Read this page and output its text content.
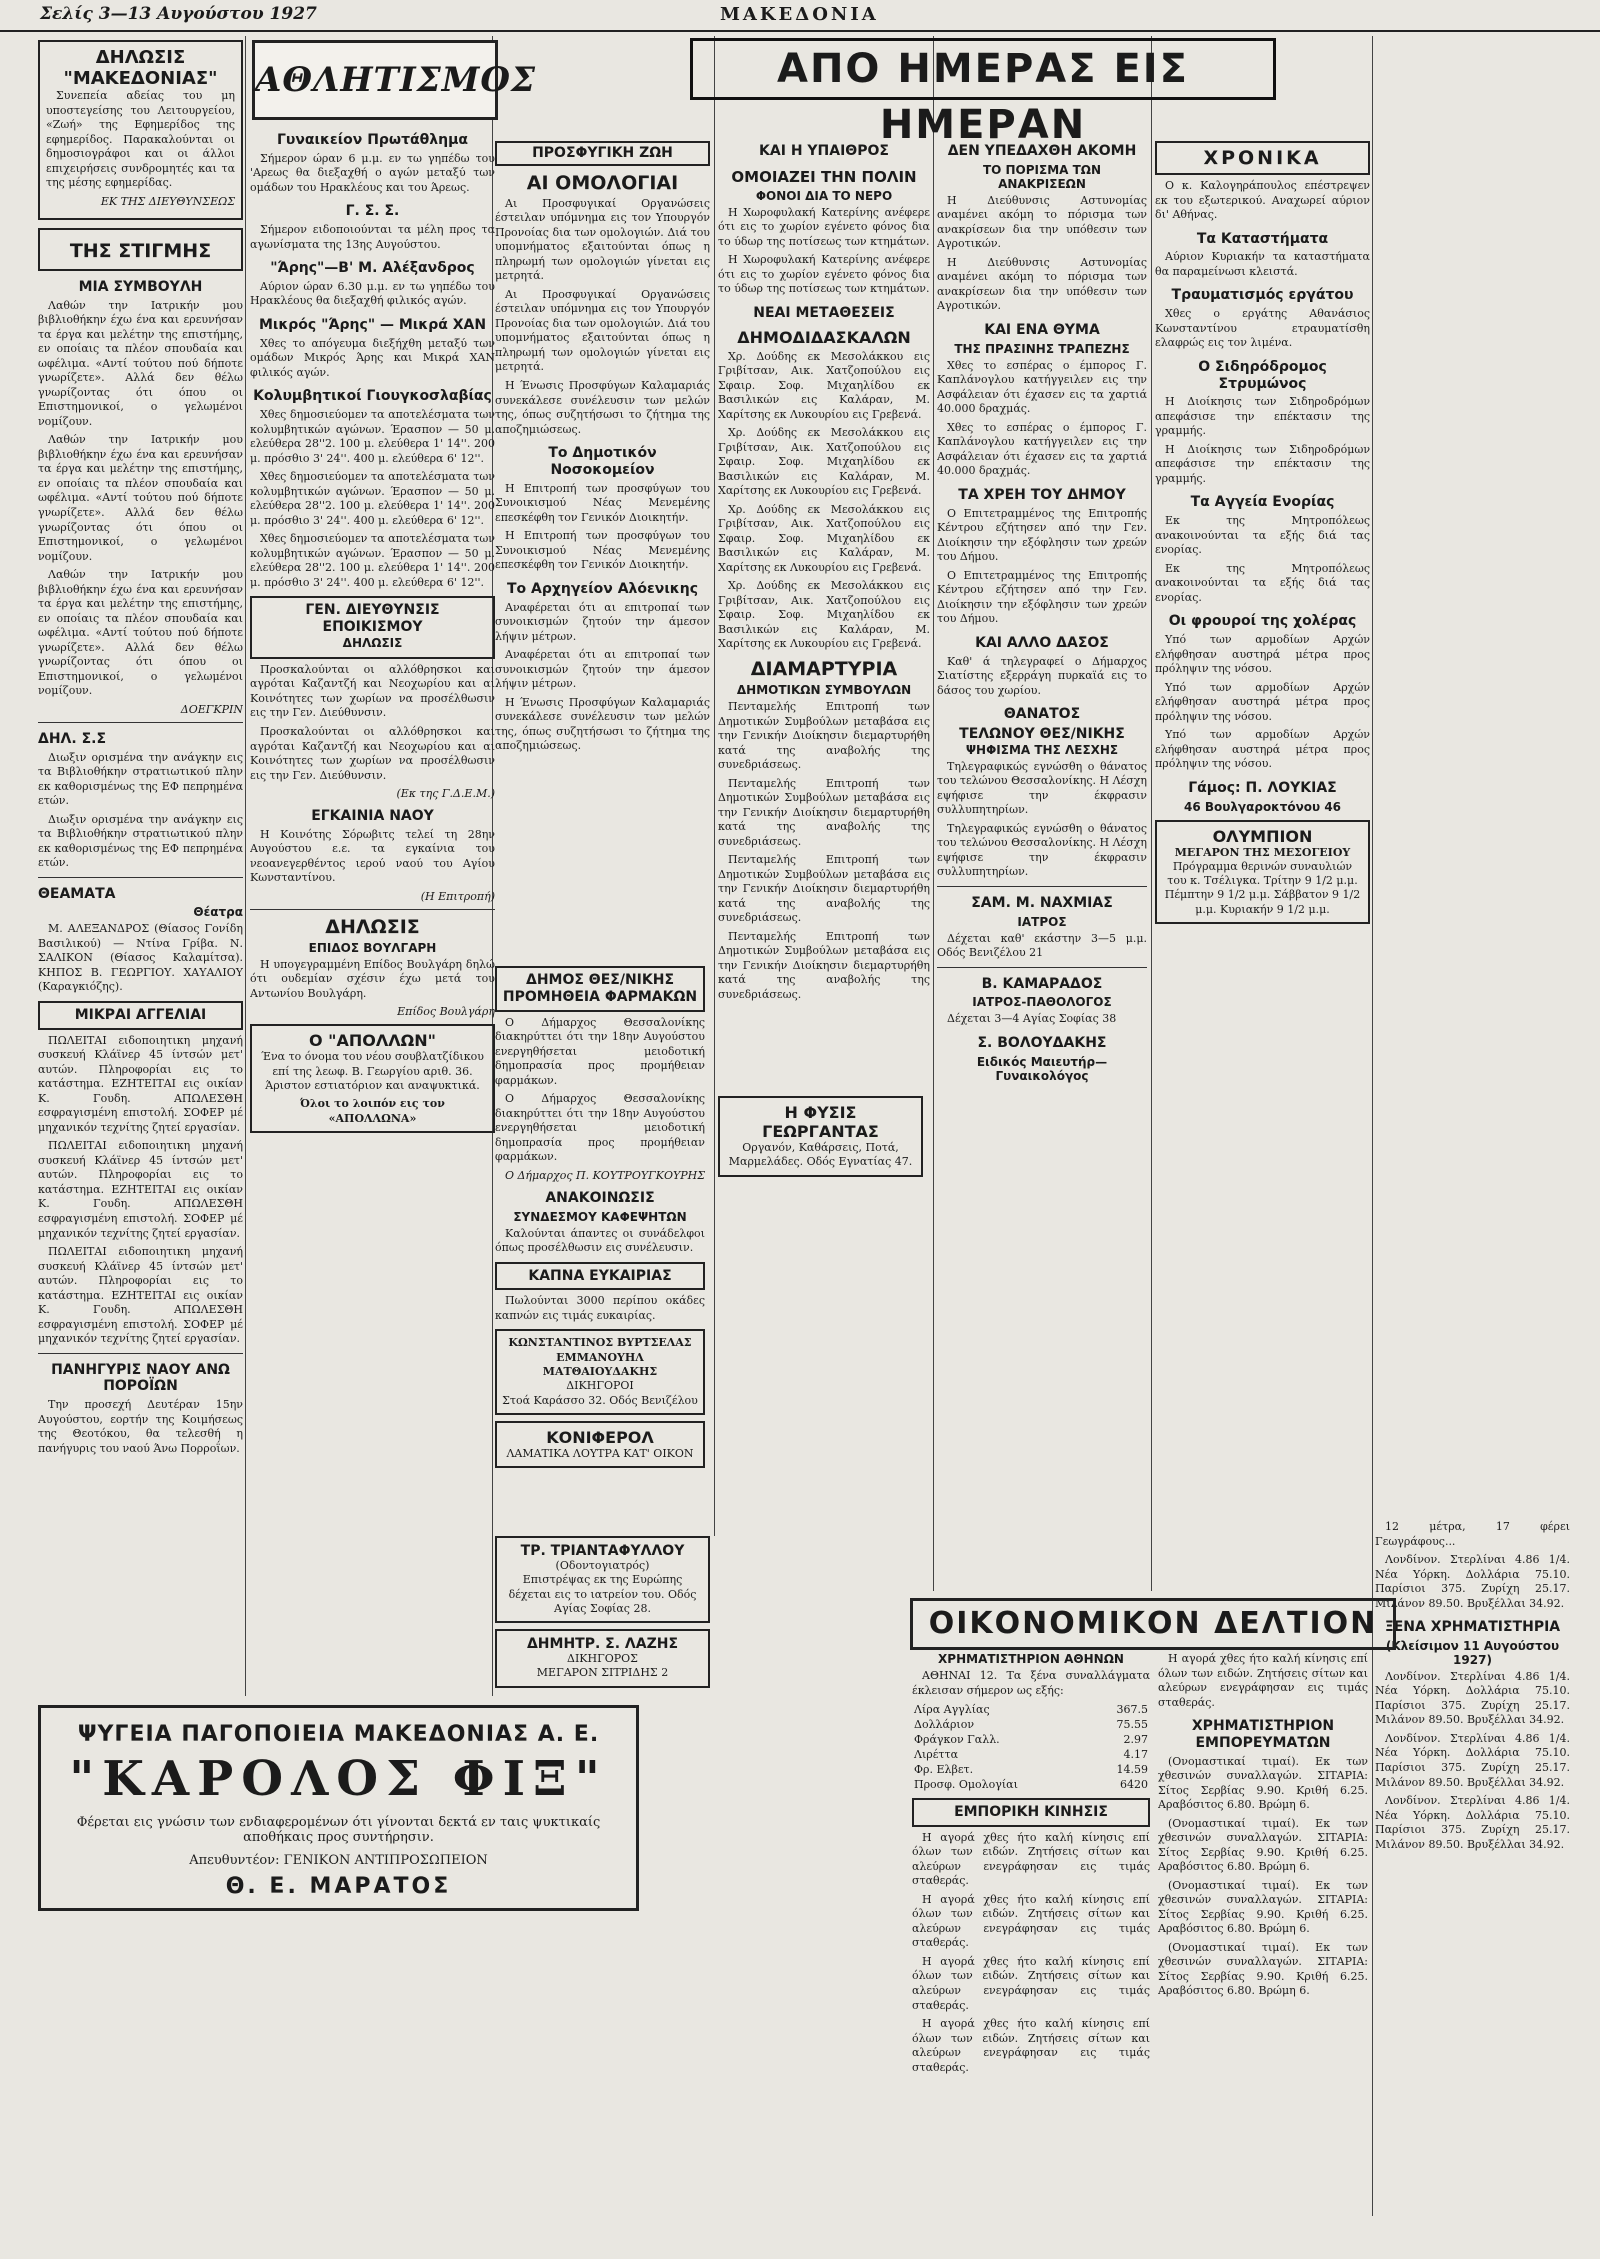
Σελίς 3—13 Αυγούστου 1927	ΜΑΚΕΔΟΝΙΑ
ΔΗΛΩΣΙΣ "ΜΑΚΕΔΟΝΙΑΣ"

Συνεπεία αδείας του μη υποστεγείσης του Λειτουργείου, «Ζωή» της Εφημερίδος της εφημερίδος. Παρακαλούνται οι δημοσιογράφοι και οι άλλοι επιχειρήσεις συνδρομητές και τα της μέσης εφημερίδας.

ΕΚ ΤΗΣ ΔΙΕΥΘΥΝΣΕΩΣ
ΤΗΣ ΣΤΙΓΜΗΣ
ΜΙΑ ΣΥΜΒΟΥΛΗ

Λαθών την Ιατρικήν μου βιβλιοθήκην έχω ένα και ερευνήσαν τα έργα και μελέτην της επιστήμης, εν οποίαις τα πλέον σπουδαία και ωφέλιμα. «Αντί τούτου πού δήποτε γνωρίζετε». Αλλά δεν θέλω γνωρίζοντας ότι όπου οι Επιστημονικοί, ο γελωμένοι νομίζουν.

Λαθών την Ιατρικήν μου βιβλιοθήκην έχω ένα και ερευνήσαν τα έργα και μελέτην της επιστήμης, εν οποίαις τα πλέον σπουδαία και ωφέλιμα. «Αντί τούτου πού δήποτε γνωρίζετε». Αλλά δεν θέλω γνωρίζοντας ότι όπου οι Επιστημονικοί, ο γελωμένοι νομίζουν.

Λαθών την Ιατρικήν μου βιβλιοθήκην έχω ένα και ερευνήσαν τα έργα και μελέτην της επιστήμης, εν οποίαις τα πλέον σπουδαία και ωφέλιμα. «Αντί τούτου πού δήποτε γνωρίζετε». Αλλά δεν θέλω γνωρίζοντας ότι όπου οι Επιστημονικοί, ο γελωμένοι νομίζουν.

ΔΟΕΓΚΡΙΝ
ΔΗΛ. Σ.Σ

Διωξιν ορισμένα την ανάγκην εις τα Βιβλιοθήκην στρατιωτικού πλην εκ καθορισμένως της ΕΦ πεπρημένα ετών.

Διωξιν ορισμένα την ανάγκην εις τα Βιβλιοθήκην στρατιωτικού πλην εκ καθορισμένως της ΕΦ πεπρημένα ετών.

ΘΕΑΜΑΤΑ
Θέατρα

Μ. ΑΛΕΞΑΝΔΡΟΣ (Θίασος Γονίδη Βασιλικού) — Ντίνα Γρίβα. Ν. ΣΑΛΙΚΟΝ (Θίασος Καλαμίτσα). ΚΗΠΟΣ Β. ΓΕΩΡΓΙΟΥ. ΧΑΥΑΛΙΟΥ (Καραγκιόζης).

ΜΙΚΡΑΙ ΑΓΓΕΛΙΑΙ

ΠΩΛΕΙΤΑΙ ειδοποιητικη μηχανή συσκευή Κλάϊνερ 45 ίντσών μετ' αυτών. Πληροφορίαι εις το κατάστημα. ΕΖΗΤΕΙΤΑΙ εις οικίαν Κ. Γουδη. ΑΠΩΛΕΣΘΗ εσφραγισμένη επιστολή. ΣΟΦΕΡ μέ μηχανικόν τεχνίτης ζητεί εργασίαν.

ΠΩΛΕΙΤΑΙ ειδοποιητικη μηχανή συσκευή Κλάϊνερ 45 ίντσών μετ' αυτών. Πληροφορίαι εις το κατάστημα. ΕΖΗΤΕΙΤΑΙ εις οικίαν Κ. Γουδη. ΑΠΩΛΕΣΘΗ εσφραγισμένη επιστολή. ΣΟΦΕΡ μέ μηχανικόν τεχνίτης ζητεί εργασίαν.

ΠΩΛΕΙΤΑΙ ειδοποιητικη μηχανή συσκευή Κλάϊνερ 45 ίντσών μετ' αυτών. Πληροφορίαι εις το κατάστημα. ΕΖΗΤΕΙΤΑΙ εις οικίαν Κ. Γουδη. ΑΠΩΛΕΣΘΗ εσφραγισμένη επιστολή. ΣΟΦΕΡ μέ μηχανικόν τεχνίτης ζητεί εργασίαν.

ΠΑΝΗΓΥΡΙΣ ΝΑΟΥ ΑΝΩ ΠΟΡΟΪΩΝ

Την προσεχή Δευτέραν 15ην Αυγούστου, εορτήν της Κοιμήσεως της Θεοτόκου, θα τελεσθή η πανήγυρις του ναού Άνω Πορροΐων.

ΑΘΛΗΤΙΣΜΟΣ
Γυναικείον Πρωτάθλημα

Σήμερον ώραν 6 μ.μ. εν τω γηπέδω του 'Αρεως θα διεξαχθή ο αγών μεταξύ των ομάδων του Ηρακλέους και του Άρεως.

Γ. Σ. Σ.

Σήμερον ειδοποιούνται τα μέλη προς τα αγωνίσματα της 13ης Αυγούστου.

"Άρης"—Β' Μ. Αλέξανδρος

Αύριον ώραν 6.30 μ.μ. εν τω γηπέδω του Ηρακλέους θα διεξαχθή φιλικός αγών.

Μικρός "Άρης" — Μικρά ΧΑΝ

Χθες το απόγευμα διεξήχθη μεταξύ των ομάδων Μικρός Άρης και Μικρά ΧΑΝ φιλικός αγών.

Κολυμβητικοί Γιουγκοσλαβίας

Χθες δημοσιεύομεν τα αποτελέσματα των κολυμβητικών αγώνων. Έρασπον — 50 μ. ελεύθερα 28''2. 100 μ. ελεύθερα 1' 14''. 200 μ. πρόσθιο 3' 24''. 400 μ. ελεύθερα 6' 12''.

Χθες δημοσιεύομεν τα αποτελέσματα των κολυμβητικών αγώνων. Έρασπον — 50 μ. ελεύθερα 28''2. 100 μ. ελεύθερα 1' 14''. 200 μ. πρόσθιο 3' 24''. 400 μ. ελεύθερα 6' 12''.

Χθες δημοσιεύομεν τα αποτελέσματα των κολυμβητικών αγώνων. Έρασπον — 50 μ. ελεύθερα 28''2. 100 μ. ελεύθερα 1' 14''. 200 μ. πρόσθιο 3' 24''. 400 μ. ελεύθερα 6' 12''.

ΓΕΝ. ΔΙΕΥΘΥΝΣΙΣ ΕΠΟΙΚΙΣΜΟΥ
ΔΗΛΩΣΙΣ

Προσκαλούνται οι αλλόθρησκοι και αγρόται Καζαντζή και Νεοχωρίου και αι Κοινότητες των χωρίων να προσέλθωσιν εις την Γεν. Διεύθυνσιν.

Προσκαλούνται οι αλλόθρησκοι και αγρόται Καζαντζή και Νεοχωρίου και αι Κοινότητες των χωρίων να προσέλθωσιν εις την Γεν. Διεύθυνσιν.

(Εκ της Γ.Δ.Ε.Μ.)
ΕΓΚΑΙΝΙΑ ΝΑΟΥ

Η Κοινότης Σόρωβιτς τελεί τη 28ην Αυγούστου ε.ε. τα εγκαίνια του νεοανεγερθέντος ιερού ναού του Αγίου Κωνσταντίνου.

(Η Επιτροπή)
ΔΗΛΩΣΙΣ
ΕΠΙΔΟΣ ΒΟΥΛΓΑΡΗ

Η υπογεγραμμένη Επίδος Βουλγάρη δηλώ ότι ουδεμίαν σχέσιν έχω μετά του Αντωνίου Βουλγάρη.

Επίδος Βουλγάρη
Ο "ΑΠΟΛΛΩΝ"
Ένα το όνομα του νέου σουβλατζίδικου επί της λεωφ. Β. Γεωργίου αριθ. 36. Άριστον εστιατόριον και αναψυκτικά.
Όλοι το λοιπόν εις τον «ΑΠΟΛΛΩΝΑ»
ΑΠΟ ΗΜΕΡΑΣ ΕΙΣ ΗΜΕΡΑΝ
ΠΡΟΣΦΥΓΙΚΗ ΖΩΗ
ΑΙ ΟΜΟΛΟΓΙΑΙ

Αι Προσφυγικαί Οργανώσεις έστειλαν υπόμνημα εις τον Υπουργόν Προνοίας δια των ομολογιών. Διά του υπομνήματος εξαιτούνται όπως η πληρωμή των ομολογιών γίνεται εις μετρητά.

Αι Προσφυγικαί Οργανώσεις έστειλαν υπόμνημα εις τον Υπουργόν Προνοίας δια των ομολογιών. Διά του υπομνήματος εξαιτούνται όπως η πληρωμή των ομολογιών γίνεται εις μετρητά.

Η Ένωσις Προσφύγων Καλαμαριάς συνεκάλεσε συνέλευσιν των μελών της, όπως συζητήσωσι το ζήτημα της αποζημιώσεως.

Το Δημοτικόν Νοσοκομείον

Η Επιτροπή των προσφύγων του Συνοικισμού Νέας Μενεμένης επεσκέφθη τον Γενικόν Διοικητήν.

Η Επιτροπή των προσφύγων του Συνοικισμού Νέας Μενεμένης επεσκέφθη τον Γενικόν Διοικητήν.

Το Αρχηγείον Αλόενικης

Αναφέρεται ότι αι επιτροπαί των συνοικισμών ζητούν την άμεσον λήψιν μέτρων.

Αναφέρεται ότι αι επιτροπαί των συνοικισμών ζητούν την άμεσον λήψιν μέτρων.

Η Ένωσις Προσφύγων Καλαμαριάς συνεκάλεσε συνέλευσιν των μελών της, όπως συζητήσωσι το ζήτημα της αποζημιώσεως.

ΚΑΙ Η ΥΠΑΙΘΡΟΣ
ΟΜΟΙΑΖΕΙ ΤΗΝ ΠΟΛΙΝ
ΦΟΝΟΙ ΔΙΑ ΤΟ ΝΕΡΟ

Η Χωροφυλακή Κατερίνης ανέφερε ότι εις το χωρίον εγένετο φόνος δια το ύδωρ της ποτίσεως των κτημάτων.

Η Χωροφυλακή Κατερίνης ανέφερε ότι εις το χωρίον εγένετο φόνος δια το ύδωρ της ποτίσεως των κτημάτων.

ΝΕΑΙ ΜΕΤΑΘΕΣΕΙΣ
ΔΗΜΟΔΙΔΑΣΚΑΛΩΝ

Χρ. Δούδης εκ Μεσολάκκου εις Γριβίτσαν, Αικ. Χατζοπούλου εις Σφαιρ. Σοφ. Μιχαηλίδου εκ Βασιλικών εις Καλάραν, Μ. Χαρίτσης εκ Λυκουρίου εις Γρεβενά.

Χρ. Δούδης εκ Μεσολάκκου εις Γριβίτσαν, Αικ. Χατζοπούλου εις Σφαιρ. Σοφ. Μιχαηλίδου εκ Βασιλικών εις Καλάραν, Μ. Χαρίτσης εκ Λυκουρίου εις Γρεβενά.

Χρ. Δούδης εκ Μεσολάκκου εις Γριβίτσαν, Αικ. Χατζοπούλου εις Σφαιρ. Σοφ. Μιχαηλίδου εκ Βασιλικών εις Καλάραν, Μ. Χαρίτσης εκ Λυκουρίου εις Γρεβενά.

Χρ. Δούδης εκ Μεσολάκκου εις Γριβίτσαν, Αικ. Χατζοπούλου εις Σφαιρ. Σοφ. Μιχαηλίδου εκ Βασιλικών εις Καλάραν, Μ. Χαρίτσης εκ Λυκουρίου εις Γρεβενά.

ΔΙΑΜΑΡΤΥΡΙΑ
ΔΗΜΟΤΙΚΩΝ ΣΥΜΒΟΥΛΩΝ

Πενταμελής Επιτροπή των Δημοτικών Συμβούλων μεταβάσα εις την Γενικήν Διοίκησιν διεμαρτυρήθη κατά της αναβολής της συνεδριάσεως.

Πενταμελής Επιτροπή των Δημοτικών Συμβούλων μεταβάσα εις την Γενικήν Διοίκησιν διεμαρτυρήθη κατά της αναβολής της συνεδριάσεως.

Πενταμελής Επιτροπή των Δημοτικών Συμβούλων μεταβάσα εις την Γενικήν Διοίκησιν διεμαρτυρήθη κατά της αναβολής της συνεδριάσεως.

Πενταμελής Επιτροπή των Δημοτικών Συμβούλων μεταβάσα εις την Γενικήν Διοίκησιν διεμαρτυρήθη κατά της αναβολής της συνεδριάσεως.

ΔΕΝ ΥΠΕΔΑΧΘΗ ΑΚΟΜΗ
ΤΟ ΠΟΡΙΣΜΑ ΤΩΝ ΑΝΑΚΡΙΣΕΩΝ

Η Διεύθυνσις Αστυνομίας αναμένει ακόμη το πόρισμα των ανακρίσεων δια την υπόθεσιν των Αγροτικών.

Η Διεύθυνσις Αστυνομίας αναμένει ακόμη το πόρισμα των ανακρίσεων δια την υπόθεσιν των Αγροτικών.

ΚΑΙ ΕΝΑ ΘΥΜΑ
ΤΗΣ ΠΡΑΣΙΝΗΣ ΤΡΑΠΕΖΗΣ

Χθες το εσπέρας ο έμπορος Γ. Καπλάνογλου κατήγγειλεν εις την Ασφάλειαν ότι έχασεν εις τα χαρτιά 40.000 δραχμάς.

Χθες το εσπέρας ο έμπορος Γ. Καπλάνογλου κατήγγειλεν εις την Ασφάλειαν ότι έχασεν εις τα χαρτιά 40.000 δραχμάς.

ΤΑ ΧΡΕΗ ΤΟΥ ΔΗΜΟΥ

Ο Επιτετραμμένος της Επιτροπής Κέντρου εζήτησεν από την Γεν. Διοίκησιν την εξόφλησιν των χρεών του Δήμου.

Ο Επιτετραμμένος της Επιτροπής Κέντρου εζήτησεν από την Γεν. Διοίκησιν την εξόφλησιν των χρεών του Δήμου.

ΚΑΙ ΑΛΛΟ ΔΑΣΟΣ

Καθ' ά τηλεγραφεί ο Δήμαρχος Σιατίστης εξερράγη πυρκαϊά εις το δάσος του χωρίου.

ΘΑΝΑΤΟΣ
ΤΕΛΩΝΟΥ ΘΕΣ/ΝΙΚΗΣ
ΨΗΦΙΣΜΑ ΤΗΣ ΛΕΣΧΗΣ

Τηλεγραφικώς εγνώσθη ο θάνατος του τελώνου Θεσσαλονίκης. Η Λέσχη εψήφισε την έκφρασιν συλλυπητηρίων.

Τηλεγραφικώς εγνώσθη ο θάνατος του τελώνου Θεσσαλονίκης. Η Λέσχη εψήφισε την έκφρασιν συλλυπητηρίων.

ΣΑΜ. Μ. ΝΑΧΜΙΑΣ
ΙΑΤΡΟΣ

Δέχεται καθ' εκάστην 3—5 μ.μ. Οδός Βενιζέλου 21

Β. ΚΑΜΑΡΑΔΟΣ
ΙΑΤΡΟΣ-ΠΑΘΟΛΟΓΟΣ

Δέχεται 3—4 Αγίας Σοφίας 38

Σ. ΒΟΛΟΥΔΑΚΗΣ
Ειδικός Μαιευτήρ—Γυναικολόγος
ΧΡΟΝΙΚΑ

Ο κ. Καλογηράπουλος επέστρεψεν εκ του εξωτερικού. Αναχωρεί αύριον δι' Αθήνας.

Τα Καταστήματα

Αύριον Κυριακήν τα καταστήματα θα παραμείνωσι κλειστά.

Τραυματισμός εργάτου

Χθες ο εργάτης Αθανάσιος Κωνσταντίνου ετραυματίσθη ελαφρώς εις τον λιμένα.

Ο Σιδηρόδρομος Στρυμώνος

Η Διοίκησις των Σιδηροδρόμων απεφάσισε την επέκτασιν της γραμμής.

Η Διοίκησις των Σιδηροδρόμων απεφάσισε την επέκτασιν της γραμμής.

Τα Αγγεία Ενορίας

Εκ της Μητροπόλεως ανακοινούνται τα εξής διά τας ενορίας.

Εκ της Μητροπόλεως ανακοινούνται τα εξής διά τας ενορίας.

Οι φρουροί της χολέρας

Υπό των αρμοδίων Αρχών ελήφθησαν αυστηρά μέτρα προς πρόληψιν της νόσου.

Υπό των αρμοδίων Αρχών ελήφθησαν αυστηρά μέτρα προς πρόληψιν της νόσου.

Υπό των αρμοδίων Αρχών ελήφθησαν αυστηρά μέτρα προς πρόληψιν της νόσου.

Γάμος: Π. ΛΟΥΚΙΑΣ
46 Βουλγαροκτόνου 46
ΟΛΥΜΠΙΟΝ
ΜΕΓΑΡΟΝ ΤΗΣ ΜΕΣΟΓΕΙΟΥ
Πρόγραμμα θερινών συναυλιών του κ. Τσέλιγκα. Τρίτην 9 1/2 μ.μ. Πέμπτην 9 1/2 μ.μ. Σάββατον 9 1/2 μ.μ. Κυριακήν 9 1/2 μ.μ.

12 μέτρα, 17 φέρει Γεωγράφους...

Λονδίνον. Στερλίναι 4.86 1/4. Νέα Υόρκη. Δολλάρια 75.10. Παρίσιοι 375. Ζυρίχη 25.17. Μιλάνον 89.50. Βρυξέλλαι 34.92.

ΞΕΝΑ ΧΡΗΜΑΤΙΣΤΗΡΙΑ
(Κλείσιμον 11 Αυγούστου 1927)

Λονδίνον. Στερλίναι 4.86 1/4. Νέα Υόρκη. Δολλάρια 75.10. Παρίσιοι 375. Ζυρίχη 25.17. Μιλάνον 89.50. Βρυξέλλαι 34.92.

Λονδίνον. Στερλίναι 4.86 1/4. Νέα Υόρκη. Δολλάρια 75.10. Παρίσιοι 375. Ζυρίχη 25.17. Μιλάνον 89.50. Βρυξέλλαι 34.92.

Λονδίνον. Στερλίναι 4.86 1/4. Νέα Υόρκη. Δολλάρια 75.10. Παρίσιοι 375. Ζυρίχη 25.17. Μιλάνον 89.50. Βρυξέλλαι 34.92.

ΔΗΜΟΣ ΘΕΣ/ΝΙΚΗΣ
ΠΡΟΜΗΘΕΙΑ ΦΑΡΜΑΚΩΝ

Ο Δήμαρχος Θεσσαλονίκης διακηρύττει ότι την 18ην Αυγούστου ενεργηθήσεται μειοδοτική δημοπρασία προς προμήθειαν φαρμάκων.

Ο Δήμαρχος Θεσσαλονίκης διακηρύττει ότι την 18ην Αυγούστου ενεργηθήσεται μειοδοτική δημοπρασία προς προμήθειαν φαρμάκων.

Ο Δήμαρχος Π. ΚΟΥΤΡΟΥΓΚΟΥΡΗΣ
ΑΝΑΚΟΙΝΩΣΙΣ
ΣΥΝΔΕΣΜΟΥ ΚΑΦΕΨΗΤΩΝ

Καλούνται άπαντες οι συνάδελφοι όπως προσέλθωσιν εις συνέλευσιν.

ΚΑΠΝΑ ΕΥΚΑΙΡΙΑΣ

Πωλούνται 3000 περίπου οκάδες καπνών εις τιμάς ευκαιρίας.

ΚΩΝΣΤΑΝΤΙΝΟΣ ΒΥΡΤΣΕΛΑΣ ΕΜΜΑΝΟΥΗΛ ΜΑΤΘΑΙΟΥΔΑΚΗΣ
ΔΙΚΗΓΟΡΟΙ
Στοά Καράσσο 32. Οδός Βενιζέλου
ΚΟΝΙΦΕΡΟΛ
ΛΑΜΑΤΙΚΑ ΛΟΥΤΡΑ ΚΑΤ' ΟΙΚΟΝ
Η ΦΥΣΙΣ
ΓΕΩΡΓΑΝΤΑΣ
Οργανόν, Καθάρσεις, Ποτά, Μαρμελάδες. Οδός Εγνατίας 47.
ΟΙΚΟΝΟΜΙΚΟΝ ΔΕΛΤΙΟΝ
ΧΡΗΜΑΤΙΣΤΗΡΙΟΝ ΑΘΗΝΩΝ

ΑΘΗΝΑΙ 12. Τα ξένα συναλλάγματα έκλεισαν σήμερον ως εξής:

Λίρα Αγγλίας	367.5
Δολλάριον	75.55
Φράγκον Γαλλ.	2.97
Λιρέττα	4.17
Φρ. Ελβετ.	14.59
Προσφ. Ομολογίαι	6420
ΕΜΠΟΡΙΚΗ ΚΙΝΗΣΙΣ

Η αγορά χθες ήτο καλή κίνησις επί όλων των ειδών. Ζητήσεις σίτων και αλεύρων ενεγράφησαν εις τιμάς σταθεράς.

Η αγορά χθες ήτο καλή κίνησις επί όλων των ειδών. Ζητήσεις σίτων και αλεύρων ενεγράφησαν εις τιμάς σταθεράς.

Η αγορά χθες ήτο καλή κίνησις επί όλων των ειδών. Ζητήσεις σίτων και αλεύρων ενεγράφησαν εις τιμάς σταθεράς.

Η αγορά χθες ήτο καλή κίνησις επί όλων των ειδών. Ζητήσεις σίτων και αλεύρων ενεγράφησαν εις τιμάς σταθεράς.

Η αγορά χθες ήτο καλή κίνησις επί όλων των ειδών. Ζητήσεις σίτων και αλεύρων ενεγράφησαν εις τιμάς σταθεράς.

ΧΡΗΜΑΤΙΣΤΗΡΙΟΝ ΕΜΠΟΡΕΥΜΑΤΩΝ

(Ονομαστικαί τιμαί). Εκ των χθεσινών συναλλαγών. ΣΙΤΑΡΙΑ: Σίτος Σερβίας 9.90. Κριθή 6.25. Αραβόσιτος 6.80. Βρώμη 6.

(Ονομαστικαί τιμαί). Εκ των χθεσινών συναλλαγών. ΣΙΤΑΡΙΑ: Σίτος Σερβίας 9.90. Κριθή 6.25. Αραβόσιτος 6.80. Βρώμη 6.

(Ονομαστικαί τιμαί). Εκ των χθεσινών συναλλαγών. ΣΙΤΑΡΙΑ: Σίτος Σερβίας 9.90. Κριθή 6.25. Αραβόσιτος 6.80. Βρώμη 6.

(Ονομαστικαί τιμαί). Εκ των χθεσινών συναλλαγών. ΣΙΤΑΡΙΑ: Σίτος Σερβίας 9.90. Κριθή 6.25. Αραβόσιτος 6.80. Βρώμη 6.

ΤΡ. ΤΡΙΑΝΤΑΦΥΛΛΟΥ
(Οδοντογιατρός)
Επιστρέψας εκ της Ευρώπης δέχεται εις το ιατρείον του. Οδός Αγίας Σοφίας 28.
ΔΗΜΗΤΡ. Σ. ΛΑΖΗΣ
ΔΙΚΗΓΟΡΟΣ
ΜΕΓΑΡΟΝ ΣΙΤΡΙΔΗΣ 2
ΨΥΓΕΙΑ ΠΑΓΟΠΟΙΕΙΑ ΜΑΚΕΔΟΝΙΑΣ Α. Ε.
"ΚΑΡΟΛΟΣ ΦΙΞ"
Φέρεται εις γνώσιν των ενδιαφερομένων ότι γίνονται δεκτά εν ταις ψυκτικαίς αποθήκαις προς συντήρησιν.
Απευθυντέον: ΓΕΝΙΚΟΝ ΑΝΤΙΠΡΟΣΩΠΕΙΟΝ
Θ. Ε. ΜΑΡΑΤΟΣ
